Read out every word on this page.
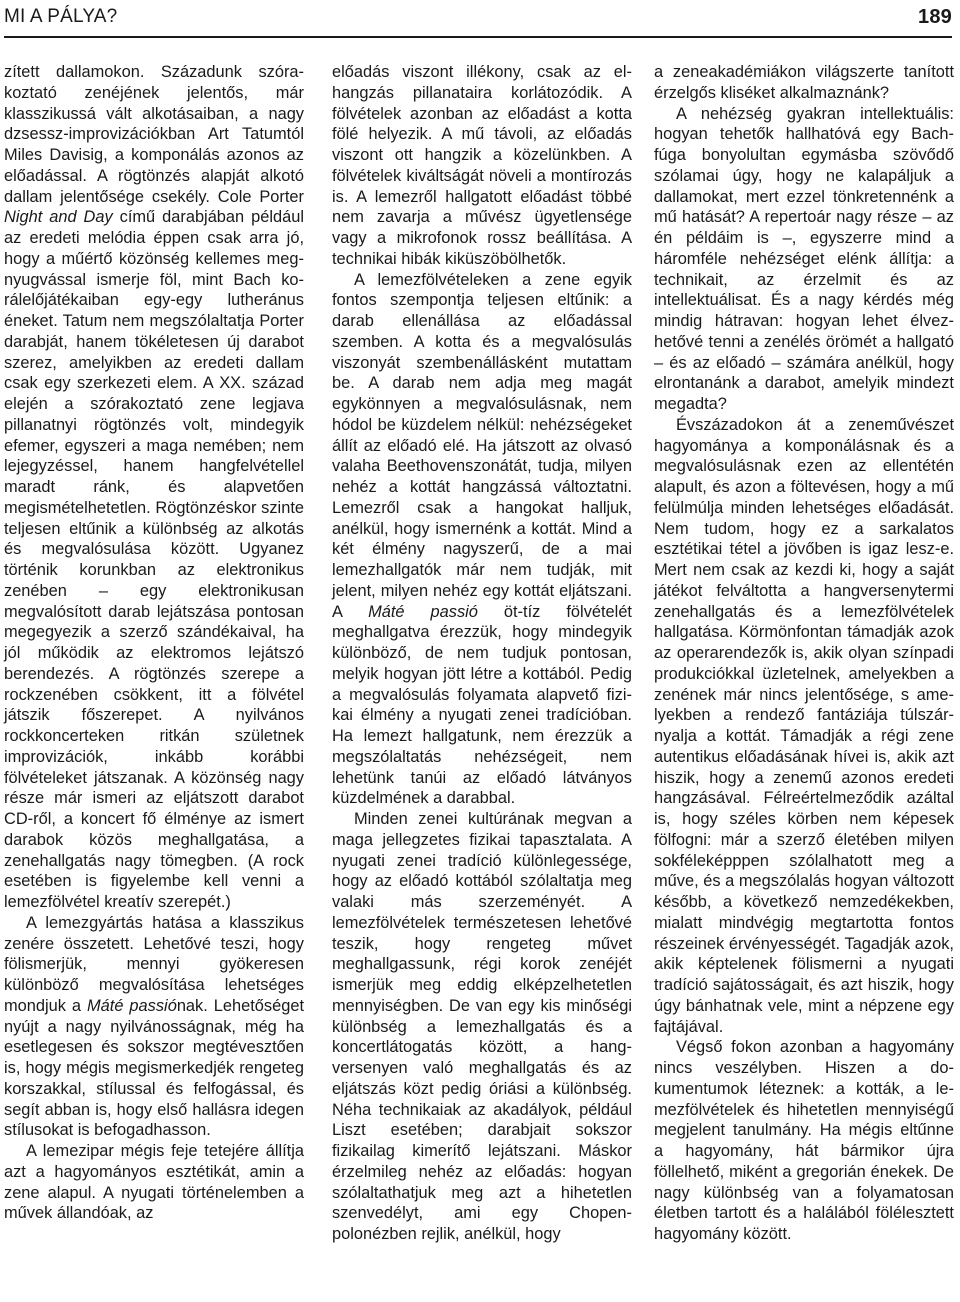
MI A PÁLYA?	189

zített dallamokon. Századunk szórakoztató zenéjének jelentős, már klasszikussá vált alkotásaiban, a nagy dzsessz-improvizációkban Art Tatumtól Miles Davisig, a komponálás azonos az előadással. A rögtönzés alapját alkotó dallam jelentősége csekély. Cole Porter Night and Day című darabjában például az eredeti melódia éppen csak arra jó, hogy a műértő közönség kellemes megnyugvással ismerje föl, mint Bach korálelőjátékaiban egy-egy lutheránus éneket. Tatum nem megszólaltatja Porter darabját, hanem tökéletesen új darabot szerez, amelyikben az eredeti dallam csak egy szerkezeti elem. A XX. század elején a szórakoztató zene legjava pillanatnyi rögtönzés volt, mindegyik efemer, egyszeri a maga nemében; nem lejegyzéssel, hanem hangfelvétellel maradt ránk, és alapvetően megismételhetetlen. Rögtönzéskor szinte teljesen eltűnik a különbség az alkotás és megvalósulása között. Ugyanez történik korunkban az elektronikus zenében – egy elektronikusan megvalósított darab lejátszása pontosan megegyezik a szerző szándékaival, ha jól működik az elektromos lejátszó berendezés. A rögtönzés szerepe a rockzenében csökkent, itt a fölvétel játszik főszerepet. A nyilvános rockkoncerteken ritkán születnek improvizációk, inkább korábbi fölvételeket játszanak. A közönség nagy része már ismeri az eljátszott darabot CD-ről, a koncert fő élménye az ismert darabok közös meghallgatása, a zenehallgatás nagy tömegben. (A rock esetében is figyelembe kell venni a lemezfölvétel kreatív szerepét.)

A lemezgyártás hatása a klasszikus zenére összetett. Lehetővé teszi, hogy fölismerjük, mennyi gyökeresen különböző megvalósítása lehetséges mondjuk a Máté passiónak. Lehetőséget nyújt a nagy nyilvánosságnak, még ha esetlegesen és sokszor megtévesztően is, hogy mégis megismerkedjék rengeteg korszakkal, stílussal és felfogással, és segít abban is, hogy első hallásra idegen stílusokat is befogadhasson.

A lemezipar mégis feje tetejére állítja azt a hagyományos esztétikát, amin a zene alapul. A nyugati történelemben a művek állandóak, az

előadás viszont illékony, csak az elhangzás pillanataira korlátozódik. A fölvételek azonban az előadást a kotta fölé helyezik. A mű távoli, az előadás viszont ott hangzik a közelünkben. A fölvételek kiváltságát növeli a montírozás is. A lemezről hallgatott előadást többé nem zavarja a művész ügyetlensége vagy a mikrofonok rossz beállítása. A technikai hibák kiküszöbölhetők.

A lemezfölvételeken a zene egyik fontos szempontja teljesen eltűnik: a darab ellenállása az előadással szemben. A kotta és a megvalósulás viszonyát szembenállásként mutattam be. A darab nem adja meg magát egykönnyen a megvalósulásnak, nem hódol be küzdelem nélkül: nehézségeket állít az előadó elé. Ha játszott az olvasó valaha Beethovenszonátát, tudja, milyen nehéz a kottát hangzássá változtatni. Lemezről csak a hangokat halljuk, anélkül, hogy ismernénk a kottát. Mind a két élmény nagyszerű, de a mai lemezhallgatók már nem tudják, mit jelent, milyen nehéz egy kottát eljátszani. A Máté passió öt-tíz fölvételét meghallgatva érezzük, hogy mindegyik különböző, de nem tudjuk pontosan, melyik hogyan jött létre a kottából. Pedig a megvalósulás folyamata alapvető fizikai élmény a nyugati zenei tradícióban. Ha lemezt hallgatunk, nem érezzük a megszólaltatás nehézségeit, nem lehetünk tanúi az előadó látványos küzdelmének a darabbal.

Minden zenei kultúrának megvan a maga jellegzetes fizikai tapasztalata. A nyugati zenei tradíció különlegessége, hogy az előadó kottából szólaltatja meg valaki más szerzeményét. A lemezfölvételek természetesen lehetővé teszik, hogy rengeteg művet meghallgassunk, régi korok zenéjét ismerjük meg eddig elképzelhetetlen mennyiségben. De van egy kis minőségi különbség a lemezhallgatás és a koncertlátogatás között, a hangversenyen való meghallgatás és az eljátszás közt pedig óriási a különbség. Néha technikaiak az akadályok, például Liszt esetében; darabjait sokszor fizikailag kimerítő lejátszani. Máskor érzelmileg nehéz az előadás: hogyan szólaltathatjuk meg azt a hihetetlen szenvedélyt, ami egy Chopen-polonézben rejlik, anélkül, hogy

a zeneakadémiákon világszerte tanított érzelgős kliséket alkalmaznánk?

A nehézség gyakran intellektuális: hogyan tehetők hallhatóvá egy Bach-fúga bonyolultan egymásba szövődő szólamai úgy, hogy ne kalapáljuk a dallamokat, mert ezzel tönkretennénk a mű hatását? A repertoár nagy része – az én példáim is –, egyszerre mind a háromféle nehézséget elénk állítja: a technikait, az érzelmit és az intellektuálisat. És a nagy kérdés még mindig hátravan: hogyan lehet élvezhetővé tenni a zenélés örömét a hallgató – és az előadó – számára anélkül, hogy elrontanánk a darabot, amelyik mindezt megadta?

Évszázadokon át a zeneművészet hagyománya a komponálásnak és a megvalósulásnak ezen az ellentétén alapult, és azon a föltevésen, hogy a mű felülmúlja minden lehetséges előadását. Nem tudom, hogy ez a sarkalatos esztétikai tétel a jövőben is igaz lesz-e. Mert nem csak az kezdi ki, hogy a saját játékot felváltotta a hangversenytermi zenehallgatás és a lemezfölvételek hallgatása. Körmönfontan támadják azok az operarendezők is, akik olyan színpadi produkciókkal üzletelnek, amelyekben a zenének már nincs jelentősége, s amelyekben a rendező fantáziája túlszárnyalja a kottát. Támadják a régi zene autentikus előadásának hívei is, akik azt hiszik, hogy a zenemű azonos eredeti hangzásával. Félreértelmeződik azáltal is, hogy széles körben nem képesek fölfogni: már a szerző életében milyen sokféleképppen szólalhatott meg a műve, és a megszólalás hogyan változott később, a következő nemzedékekben, mialatt mindvégig megtartotta fontos részeinek érvényességét. Tagadják azok, akik képtelenek fölismerni a nyugati tradíció sajátosságait, és azt hiszik, hogy úgy bánhatnak vele, mint a népzene egy fajtájával.

Végső fokon azonban a hagyomány nincs veszélyben. Hiszen a dokumentumok léteznek: a kották, a lemezfölvételek és hihetetlen mennyiségű megjelent tanulmány. Ha mégis eltűnne a hagyomány, hát bármikor újra föllelhető, miként a gregorián énekek. De nagy különbség van a folyamatosan életben tartott és a halálából fölélesztett hagyomány között.
